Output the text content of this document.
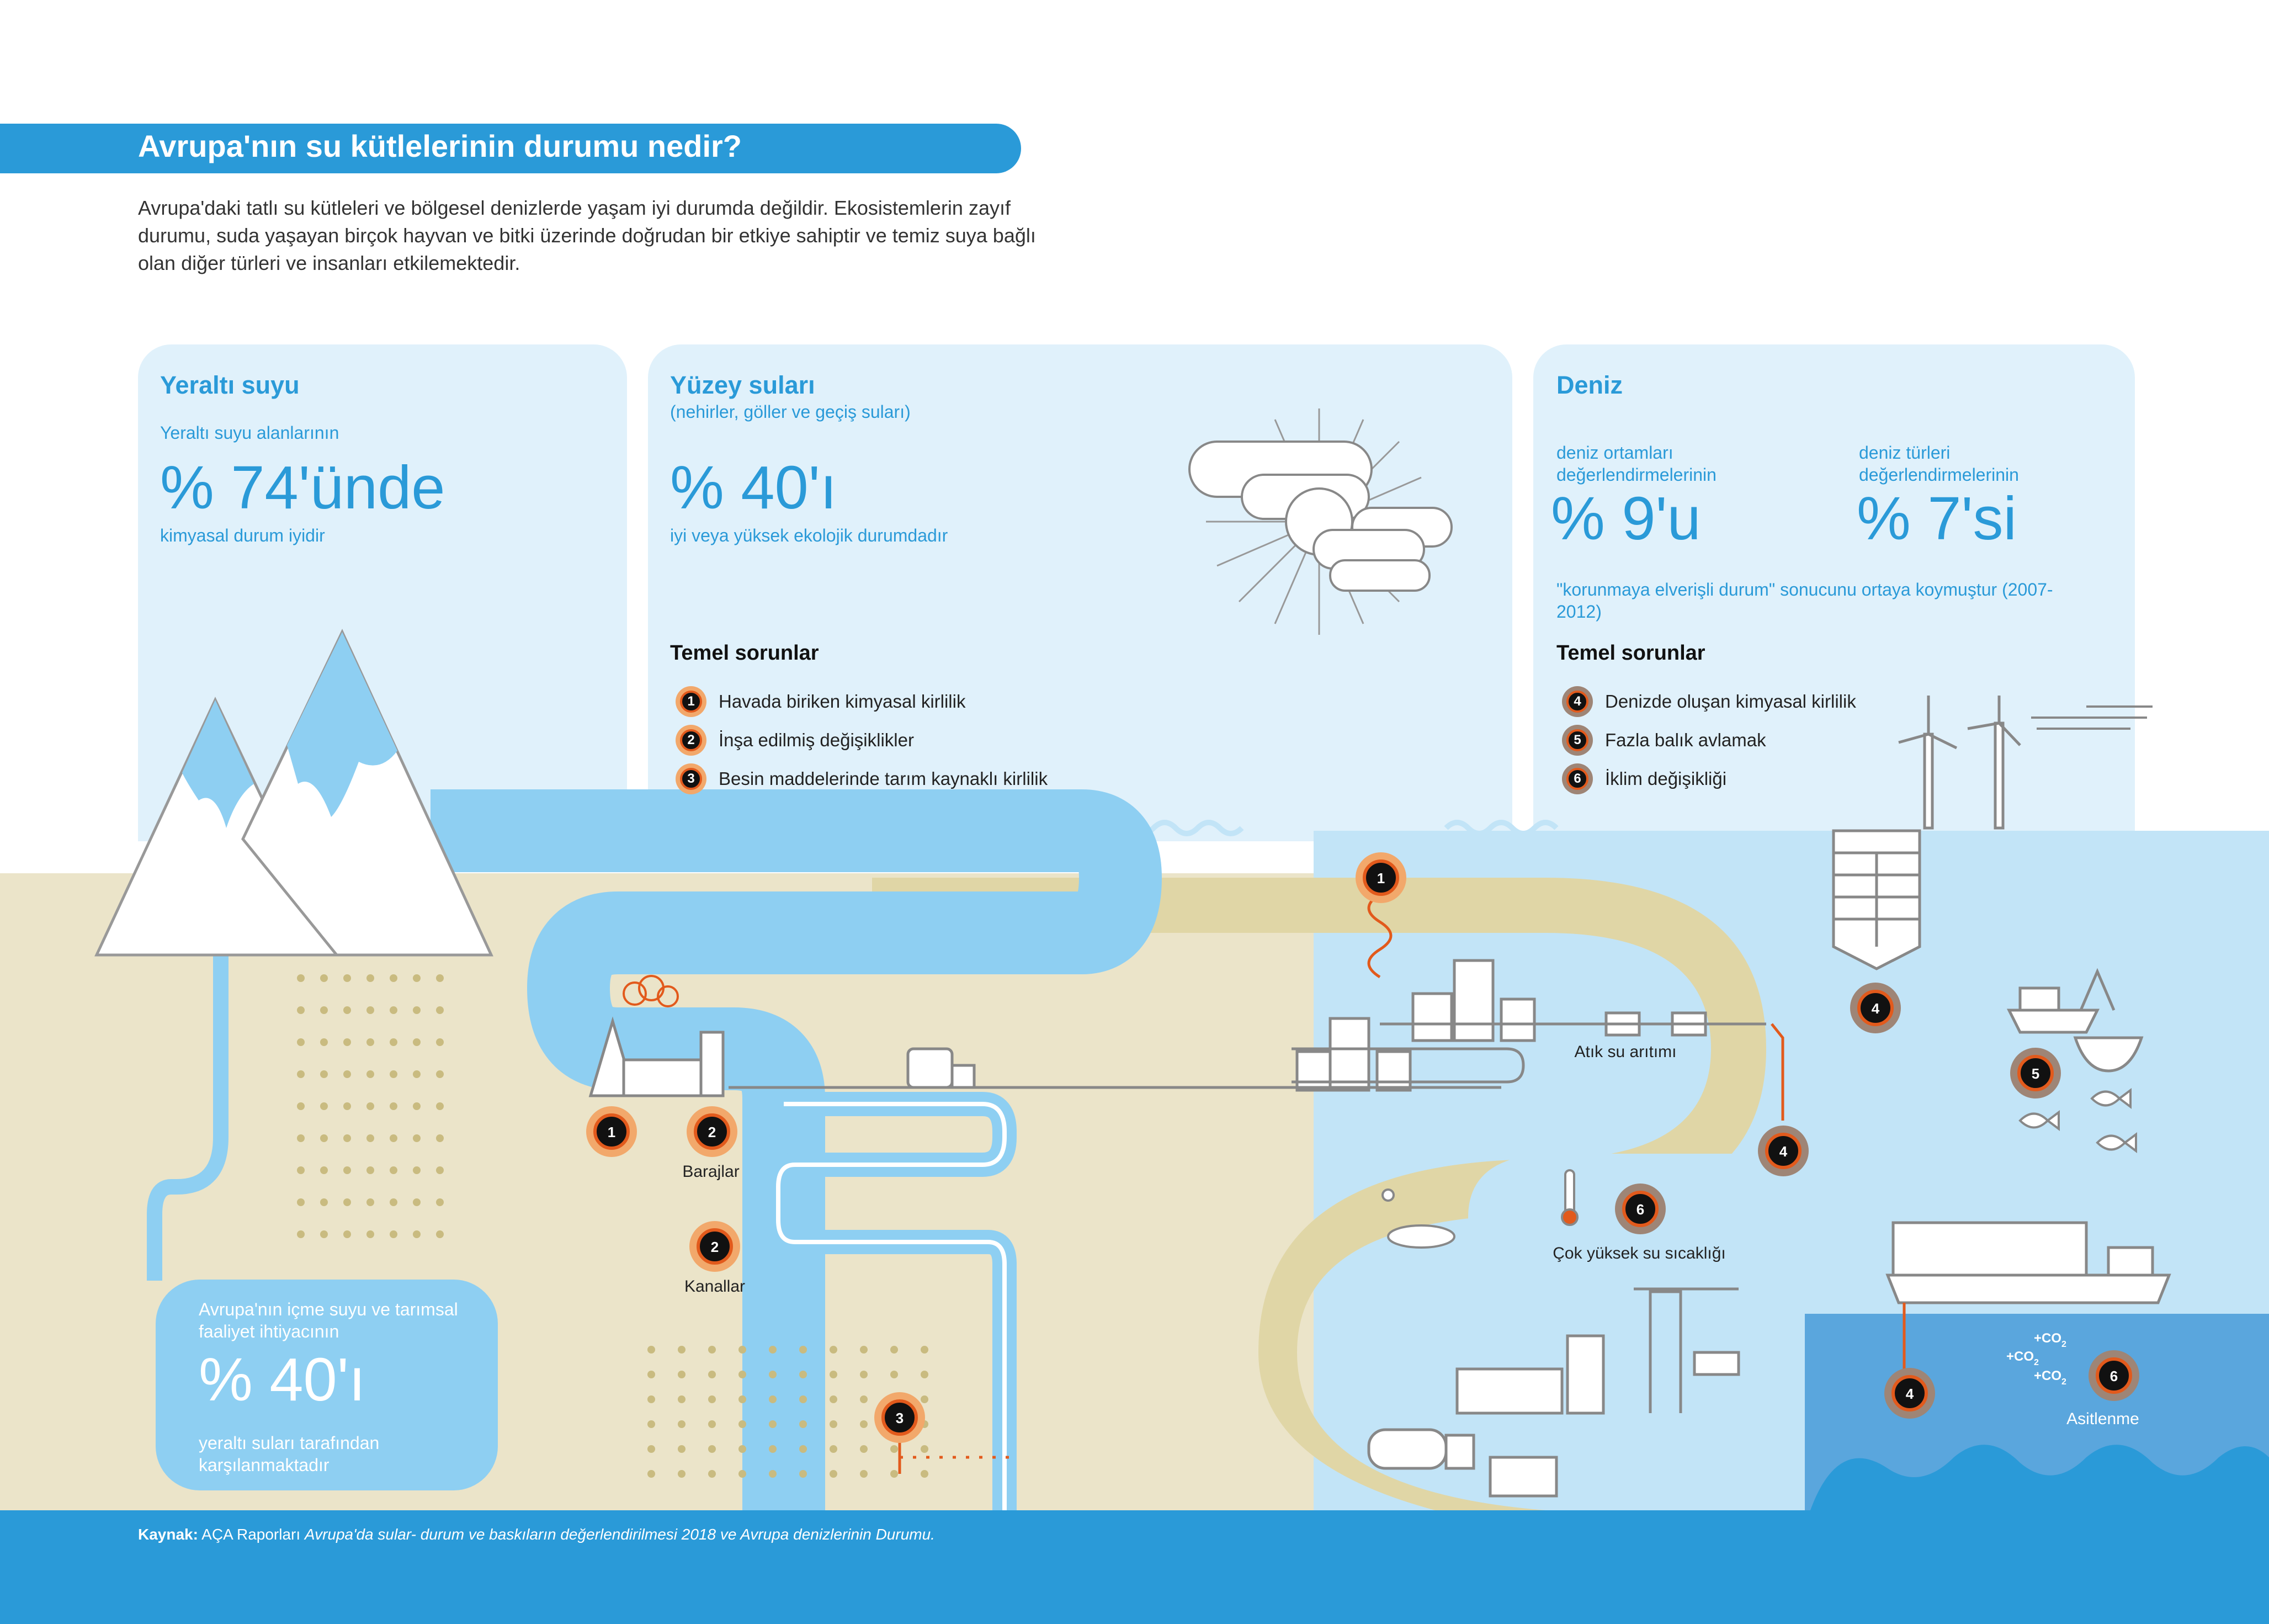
Avrupa'nın su kütlelerinin durumu nedir?
Avrupa'daki tatlı su kütleleri ve bölgesel denizlerde yaşam iyi durumda değildir. Ekosistemlerin zayıf durumu, suda yaşayan birçok hayvan ve bitki üzerinde doğrudan bir etkiye sahiptir ve temiz suya bağlı olan diğer türleri ve insanları etkilemektedir.
1	2
2
3
1
4
4
4
5
6
6
Barajlar
Kanallar
Atık su arıtımı
Çok yüksek su sıcaklığı
Asitlenme
$+CO_2$
$+CO_2$
$+CO_2$
Yeraltı suyu
Yeraltı suyu alanlarının
% 74'ünde
kimyasal durum iyidir
Yüzey suları
(nehirler, göller ve geçiş suları)
% 40'ı
iyi veya yüksek ekolojik durumdadır
Temel sorunlar
1	Havada biriken kimyasal kirlilik
2	İnşa edilmiş değişiklikler
3	Besin maddelerinde tarım kaynaklı kirlilik
Deniz
deniz ortamları değerlendirmelerinin
% 9'u
deniz türleri değerlendirmelerinin
% 7'si
"korunmaya elverişli durum" sonucunu ortaya koymuştur (2007-2012)
Temel sorunlar
4	Denizde oluşan kimyasal kirlilik
5	Fazla balık avlamak
6	İklim değişikliği
Avrupa'nın içme suyu ve tarımsal faaliyet ihtiyacının
% 40'ı
yeraltı suları tarafından karşılanmaktadır
Kaynak: AÇA Raporları Avrupa'da sular- durum ve baskıların değerlendirilmesi 2018 ve Avrupa denizlerinin Durumu.
